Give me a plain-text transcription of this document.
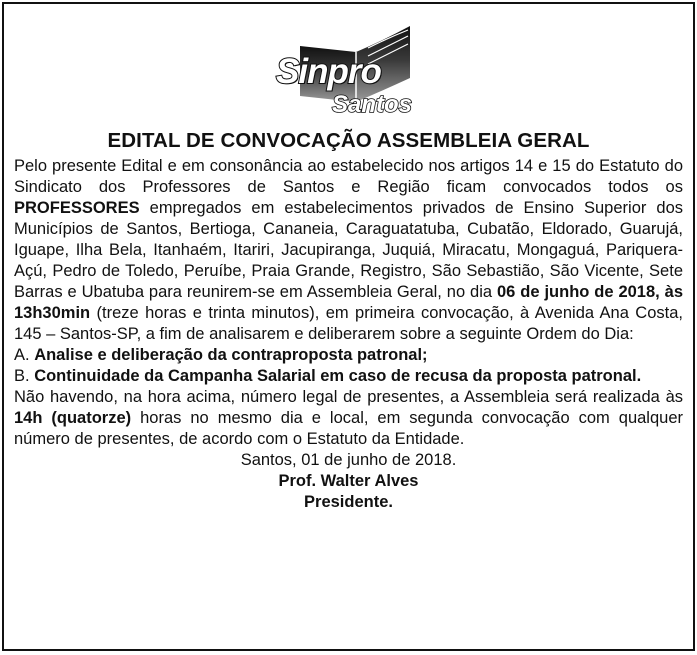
Sinpro
Santos
EDITAL DE CONVOCAÇÃO ASSEMBLEIA GERAL

Pelo presente Edital e em consonância ao estabelecido nos artigos 14 e 15 do Estatuto do Sindicato dos Professores de Santos e Região ficam convocados todos os PROFESSORES empregados em estabelecimentos privados de Ensino Superior dos Municípios de Santos, Bertioga, Cananeia, Caraguatatuba, Cubatão, Eldorado, Guarujá, Iguape, Ilha Bela, Itanhaém, Itariri, Jacupiranga, Juquiá, Miracatu, Mongaguá, Pariquera-Açú, Pedro de Toledo, Peruíbe, Praia Grande, Registro, São Sebastião, São Vicente, Sete Barras e Ubatuba para reunirem-se em Assembleia Geral, no dia 06 de junho de 2018, às 13h30min (treze horas e trinta minutos), em primeira convocação, à Avenida Ana Costa, 145 – Santos-SP, a fim de analisarem e deliberarem sobre a seguinte Ordem do Dia:

A. Analise e deliberação da contraproposta patronal;

B. Continuidade da Campanha Salarial em caso de recusa da proposta patronal.

Não havendo, na hora acima, número legal de presentes, a Assembleia será realizada às 14h (quatorze) horas no mesmo dia e local, em segunda convocação com qualquer número de presentes, de acordo com o Estatuto da Entidade.

Santos, 01 de junho de 2018.

Prof. Walter Alves

Presidente.
